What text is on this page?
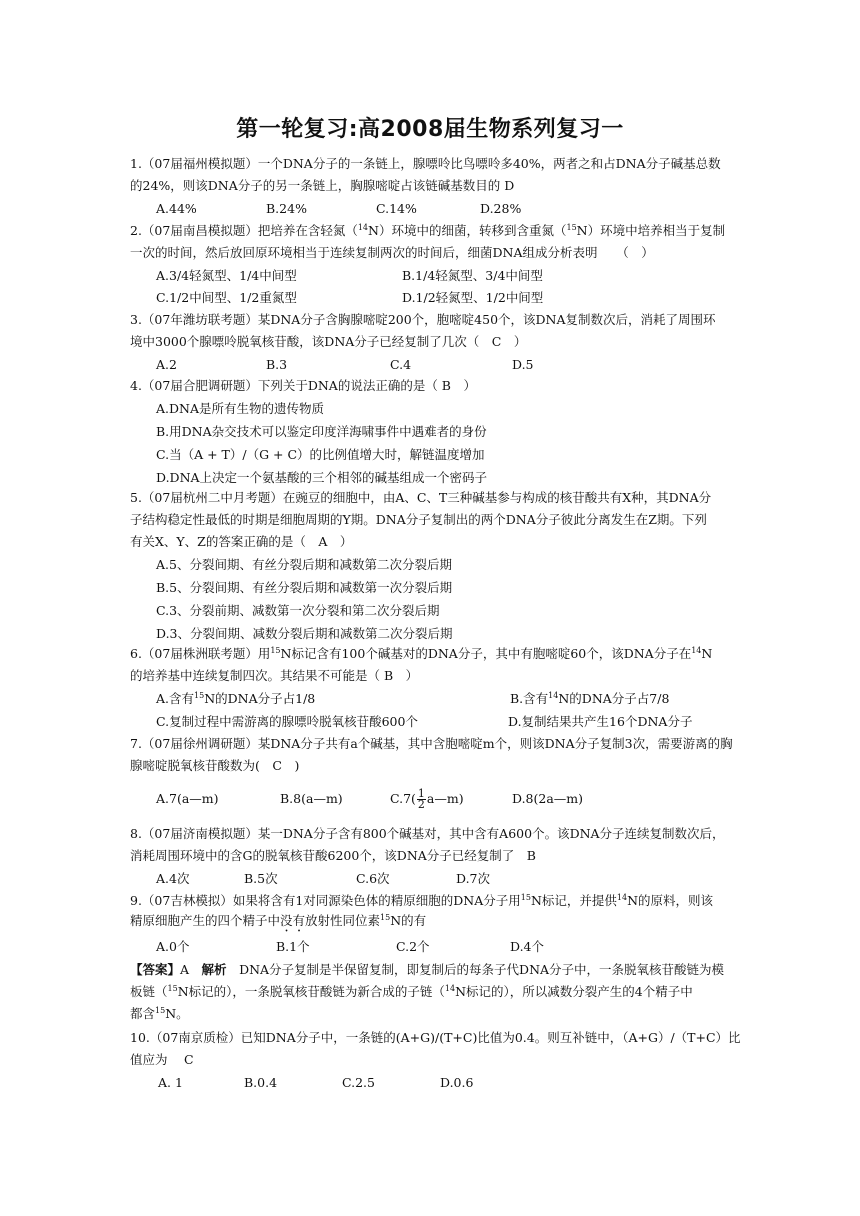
第一轮复习:高2008届生物系列复习一
1.（07届福州模拟题）一个DNA分子的一条链上，腺嘌呤比鸟嘌呤多40%，两者之和占DNA分子碱基总数
的24%，则该DNA分子的另一条链上，胸腺嘧啶占该链碱基数目的 D
A.44%	B.24%	C.14%	D.28%
2.（07届南昌模拟题）把培养在含轻氮（$^{14}$N）环境中的细菌，转移到含重氮（$^{15}$N）环境中培养相当于复制
一次的时间，然后放回原环境相当于连续复制两次的时间后，细菌DNA组成分析表明　　（　）
A.3/4轻氮型、1/4中间型	B.1/4轻氮型、3/4中间型
C.1/2中间型、1/2重氮型	D.1/2轻氮型、1/2中间型
3.（07年潍坊联考题）某DNA分子含胸腺嘧啶200个，胞嘧啶450个，该DNA复制数次后，消耗了周围环
境中3000个腺嘌呤脱氧核苷酸，该DNA分子已经复制了几次（　C　）
A.2	B.3	C.4	D.5
4.（07届合肥调研题）下列关于DNA的说法正确的是（ B　）
A.DNA是所有生物的遗传物质
B.用DNA杂交技术可以鉴定印度洋海啸事件中遇难者的身份
C.当（A + T）/（G + C）的比例值增大时，解链温度增加
D.DNA上决定一个氨基酸的三个相邻的碱基组成一个密码子
5.（07届杭州二中月考题）在豌豆的细胞中，由A、C、T三种碱基参与构成的核苷酸共有X种，其DNA分
子结构稳定性最低的时期是细胞周期的Y期。DNA分子复制出的两个DNA分子彼此分离发生在Z期。下列
有关X、Y、Z的答案正确的是（　A　）
A.5、分裂间期、有丝分裂后期和减数第二次分裂后期
B.5、分裂间期、有丝分裂后期和减数第一次分裂后期
C.3、分裂前期、减数第一次分裂和第二次分裂后期
D.3、分裂间期、减数分裂后期和减数第二次分裂后期
6.（07届株洲联考题）用$^{15}$N标记含有100个碱基对的DNA分子，其中有胞嘧啶60个，该DNA分子在$^{14}$N
的培养基中连续复制四次。其结果不可能是（ B　）
A.含有$^{15}$N的DNA分子占1/8	B.含有$^{14}$N的DNA分子占7/8
C.复制过程中需游离的腺嘌呤脱氧核苷酸600个	D.复制结果共产生16个DNA分子
7.（07届徐州调研题）某DNA分子共有a个碱基，其中含胞嘧啶m个，则该DNA分子复制3次，需要游离的胸
腺嘧啶脱氧核苷酸数为(　C　)
A.7(a—m)	B.8(a—m)	$C.7( \frac{1}{2}$ a—m)	D.8(2a—m)
8.（07届济南模拟题）某一DNA分子含有800个碱基对，其中含有A600个。该DNA分子连续复制数次后，
消耗周围环境中的含G的脱氧核苷酸6200个，该DNA分子已经复制了　B
A.4次	B.5次	C.6次	D.7次
9.（07吉林模拟）如果将含有1对同源染色体的精原细胞的DNA分子用$^{15}$N标记，并提供$^{14}$N的原料，则该
精原细胞产生的四个精子中没有放射性同位素$^{15}$N的有
A.0个	B.1个	C.2个	D.4个
【答案】A　解析　DNA分子复制是半保留复制，即复制后的每条子代DNA分子中，一条脱氧核苷酸链为模
板链（$^{15}$N标记的），一条脱氧核苷酸链为新合成的子链（$^{14}$N标记的），所以减数分裂产生的4个精子中
都含$^{15}$N。
10.（07南京质检）已知DNA分子中，一条链的(A+G)/(T+C)比值为0.4。则互补链中，（A+G）/（T+C）比
值应为　 C
A. 1	B.0.4	C.2.5	D.0.6
